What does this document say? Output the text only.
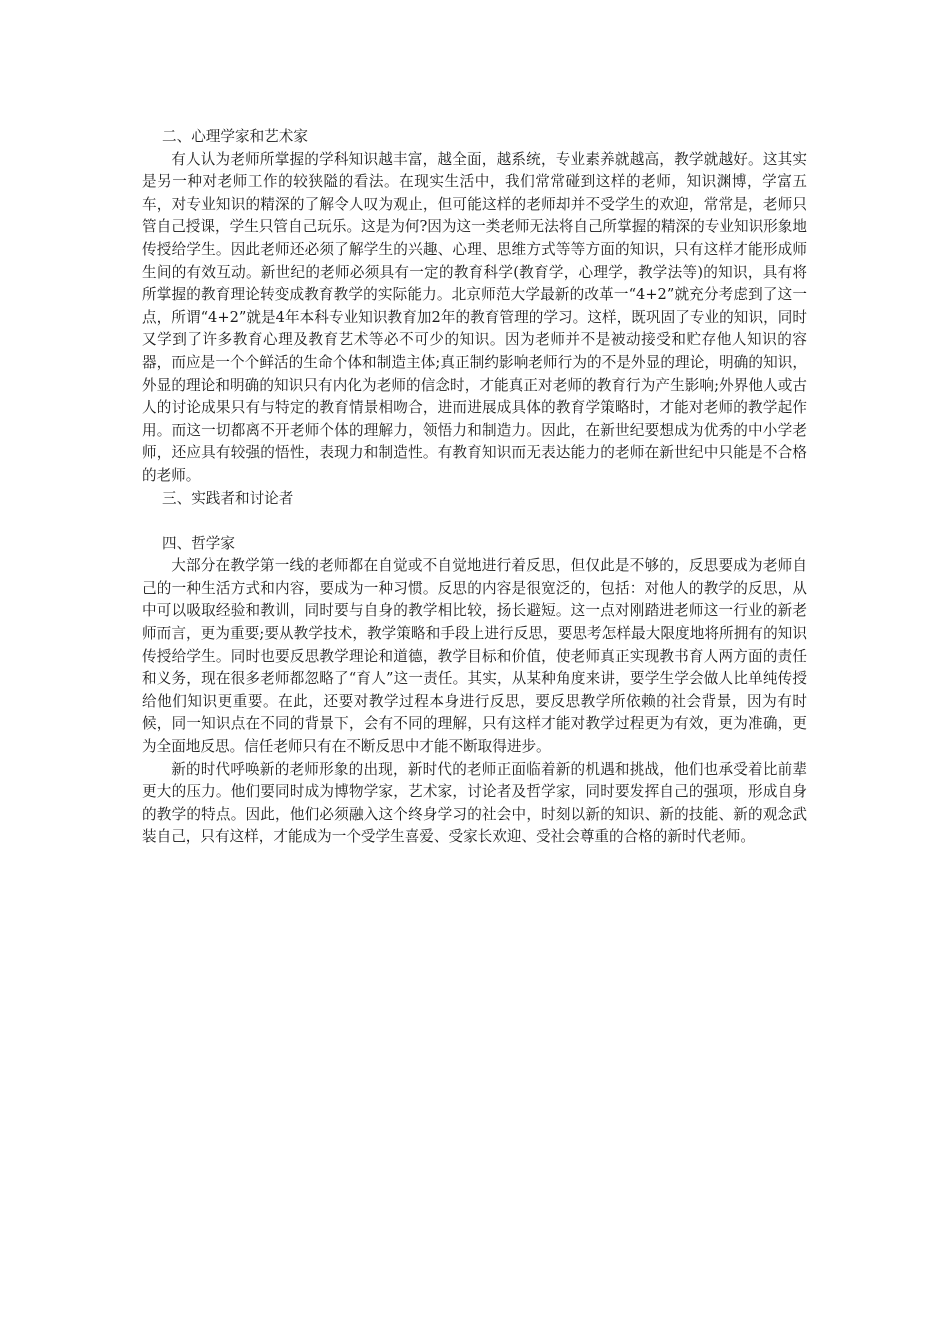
二、心理学家和艺术家

有人认为老师所掌握的学科知识越丰富，越全面，越系统，专业素养就越高，教学就越好。这其实是另一种对老师工作的较狭隘的看法。在现实生活中，我们常常碰到这样的老师，知识渊博，学富五车，对专业知识的精深的了解令人叹为观止，但可能这样的老师却并不受学生的欢迎，常常是，老师只管自己授课，学生只管自己玩乐。这是为何?因为这一类老师无法将自己所掌握的精深的专业知识形象地传授给学生。因此老师还必须了解学生的兴趣、心理、思维方式等等方面的知识，只有这样才能形成师生间的有效互动。新世纪的老师必须具有一定的教育科学(教育学，心理学，教学法等)的知识，具有将所掌握的教育理论转变成教育教学的实际能力。北京师范大学最新的改革一“4+2”就充分考虑到了这一点，所谓“4+2”就是4年本科专业知识教育加2年的教育管理的学习。这样，既巩固了专业的知识，同时又学到了许多教育心理及教育艺术等必不可少的知识。因为老师并不是被动接受和贮存他人知识的容器，而应是一个个鲜活的生命个体和制造主体;真正制约影响老师行为的不是外显的理论，明确的知识，外显的理论和明确的知识只有内化为老师的信念时，才能真正对老师的教育行为产生影响;外界他人或古人的讨论成果只有与特定的教育情景相吻合，进而进展成具体的教育学策略时，才能对老师的教学起作用。而这一切都离不开老师个体的理解力，领悟力和制造力。因此，在新世纪要想成为优秀的中小学老师，还应具有较强的悟性，表现力和制造性。有教育知识而无表达能力的老师在新世纪中只能是不合格的老师。

三、实践者和讨论者

四、哲学家

大部分在教学第一线的老师都在自觉或不自觉地进行着反思，但仅此是不够的，反思要成为老师自己的一种生活方式和内容，要成为一种习惯。反思的内容是很宽泛的，包括：对他人的教学的反思，从中可以吸取经验和教训，同时要与自身的教学相比较，扬长避短。这一点对刚踏进老师这一行业的新老师而言，更为重要;要从教学技术，教学策略和手段上进行反思，要思考怎样最大限度地将所拥有的知识传授给学生。同时也要反思教学理论和道德，教学目标和价值，使老师真正实现教书育人两方面的责任和义务，现在很多老师都忽略了“育人”这一责任。其实，从某种角度来讲，要学生学会做人比单纯传授给他们知识更重要。在此，还要对教学过程本身进行反思，要反思教学所依赖的社会背景，因为有时候，同一知识点在不同的背景下，会有不同的理解，只有这样才能对教学过程更为有效，更为准确，更为全面地反思。信任老师只有在不断反思中才能不断取得进步。

新的时代呼唤新的老师形象的出现，新时代的老师正面临着新的机遇和挑战，他们也承受着比前辈更大的压力。他们要同时成为博物学家，艺术家，讨论者及哲学家，同时要发挥自己的强项，形成自身的教学的特点。因此，他们必须融入这个终身学习的社会中，时刻以新的知识、新的技能、新的观念武装自己，只有这样，才能成为一个受学生喜爱、受家长欢迎、受社会尊重的合格的新时代老师。
